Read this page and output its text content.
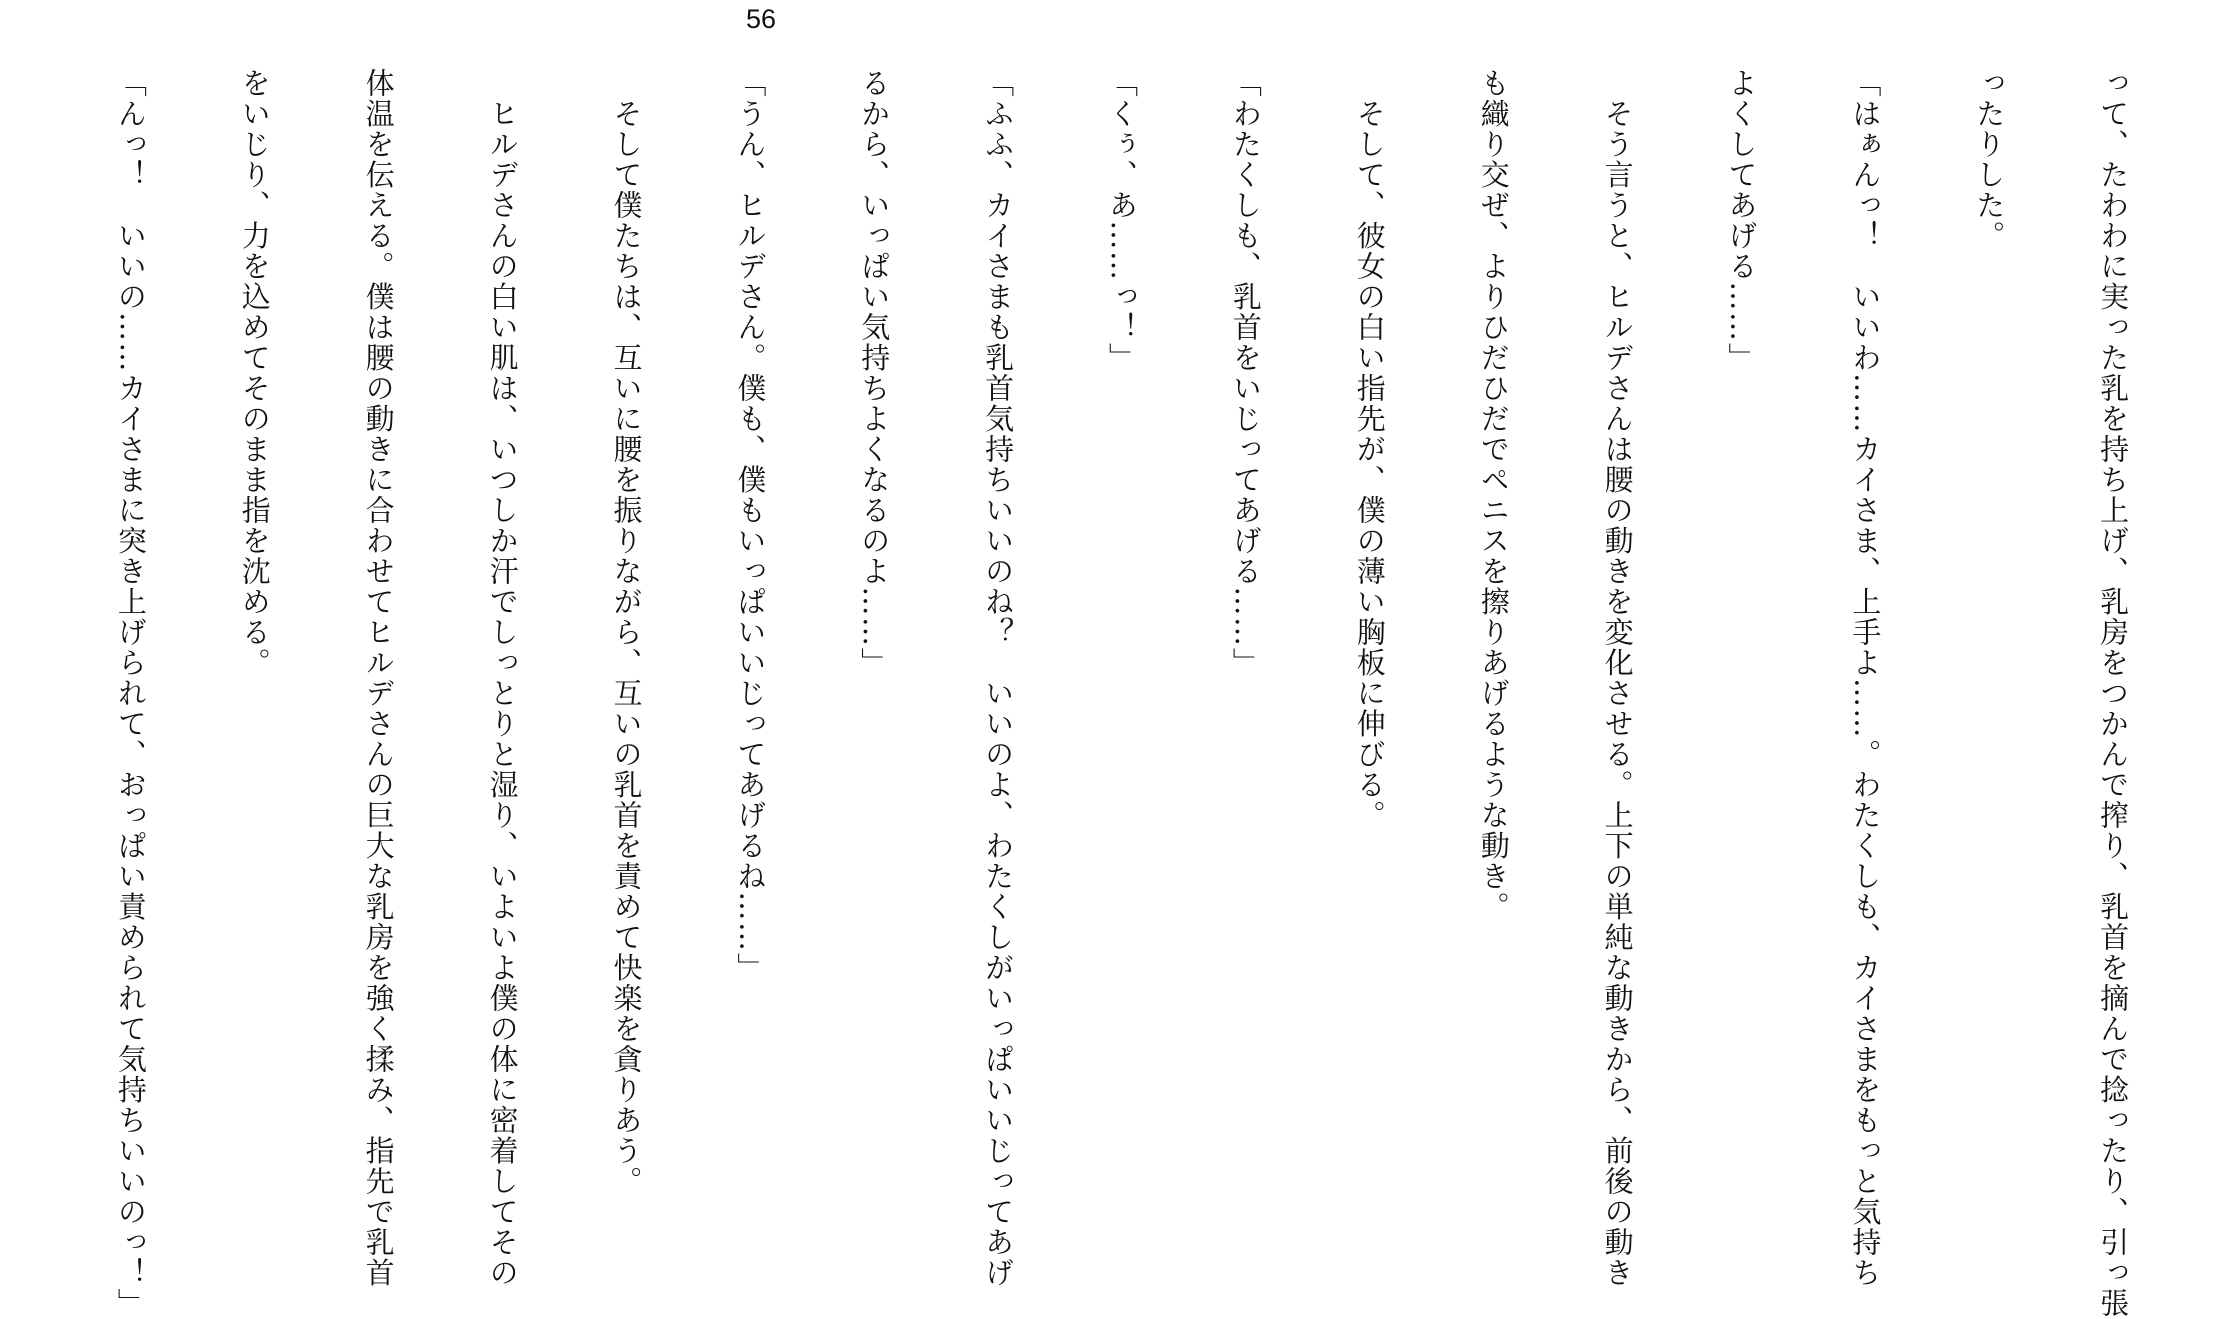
56

って、たわわに実った乳を持ち上げ、乳房をつかんで搾り、乳首を摘んで捻ったり、引っ張

ったりした。

「はぁんっ！　いいわ……カイさま、上手よ……。わたくしも、カイさまをもっと気持ち

よくしてあげる……」

　そう言うと、ヒルデさんは腰の動きを変化させる。上下の単純な動きから、前後の動き

も織り交ぜ、よりひだひだでペニスを擦りあげるような動き。

　そして、彼女の白い指先が、僕の薄い胸板に伸びる。

「わたくしも、乳首をいじってあげる……」

「くぅ、あ……っ！」

「ふふ、カイさまも乳首気持ちいいのね？　いいのよ、わたくしがいっぱいいじってあげ

るから、いっぱい気持ちよくなるのよ……」

「うん、ヒルデさん。僕も、僕もいっぱいいじってあげるね……」

　そして僕たちは、互いに腰を振りながら、互いの乳首を責めて快楽を貪りあう。

　ヒルデさんの白い肌は、いつしか汗でしっとりと湿り、いよいよ僕の体に密着してその

体温を伝える。僕は腰の動きに合わせてヒルデさんの巨大な乳房を強く揉み、指先で乳首

をいじり、力を込めてそのまま指を沈める。

「んっ！　いいの……カイさまに突き上げられて、おっぱい責められて気持ちいいのっ！」
